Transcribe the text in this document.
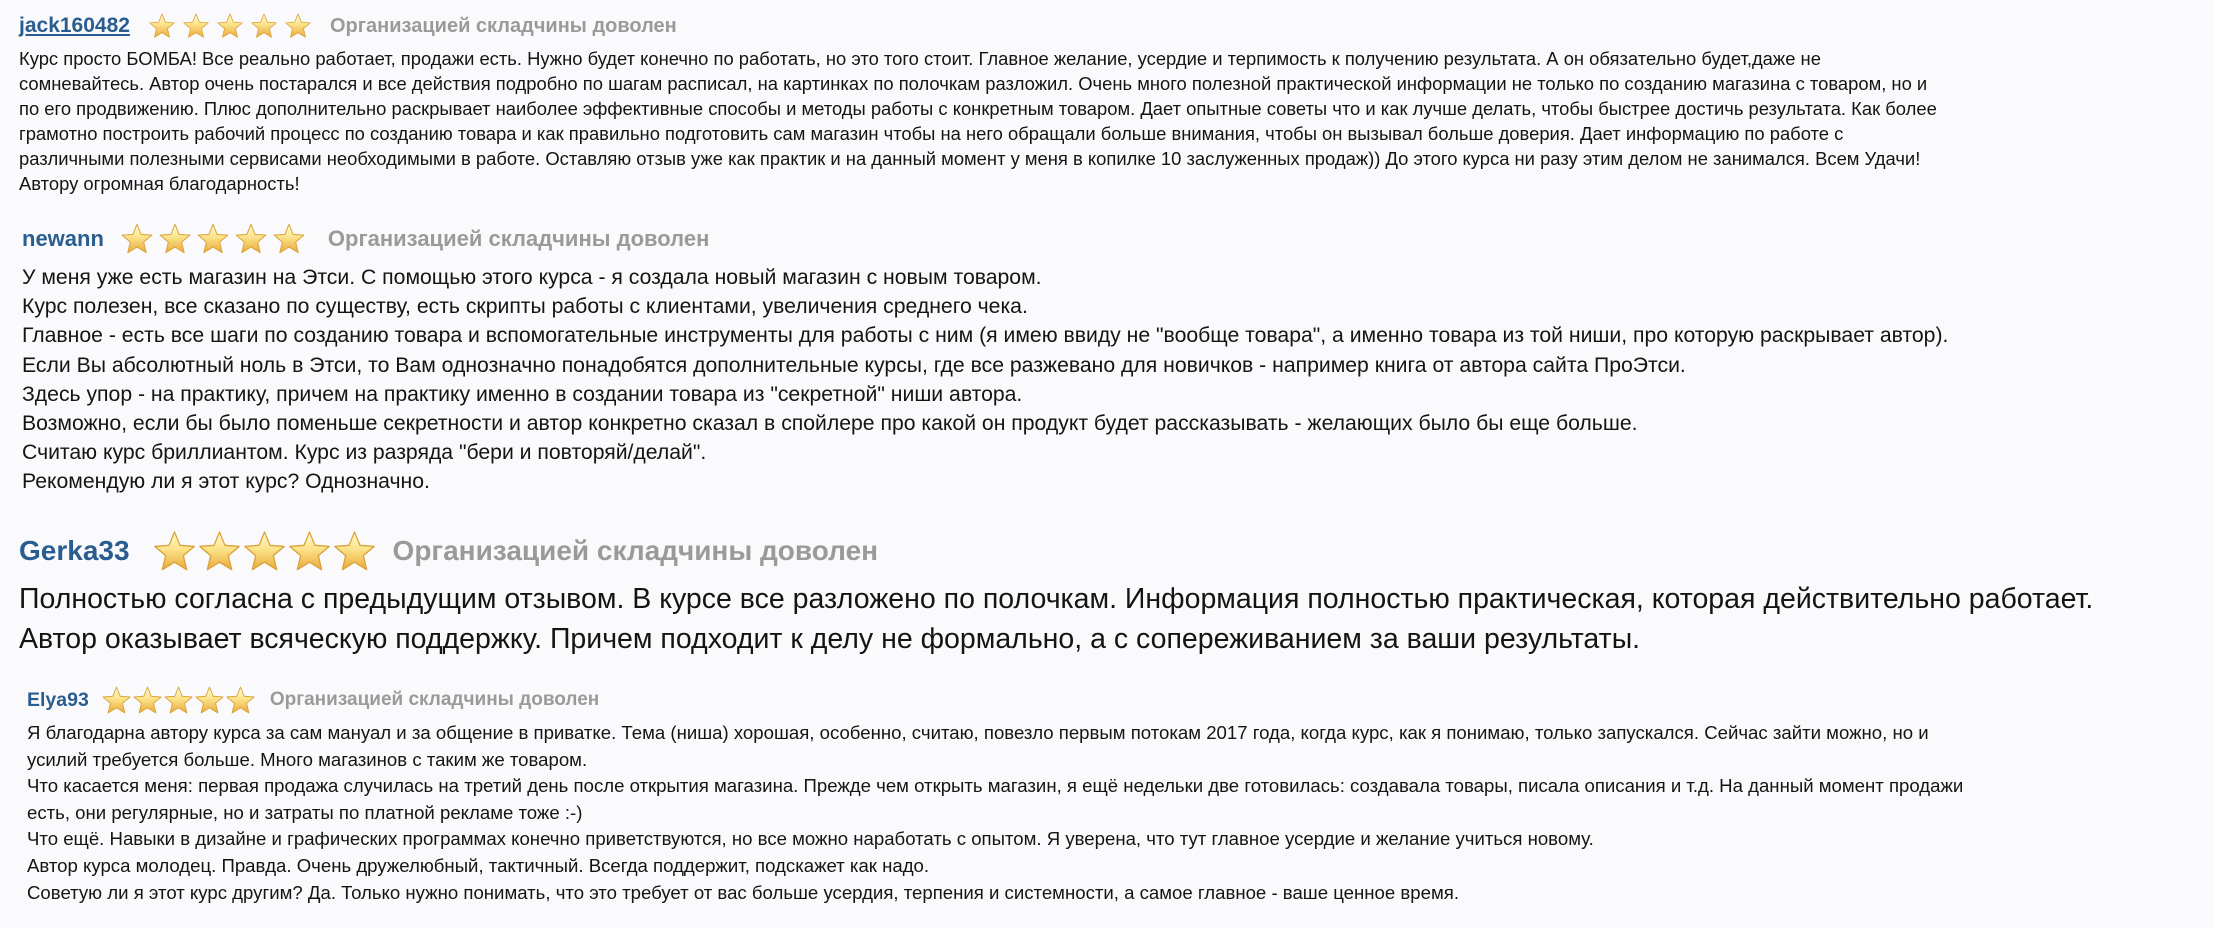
jack160482	Организацией складчины доволен

Курс просто БОМБА! Все реально работает, продажи есть. Нужно будет конечно по работать, но это того стоит. Главное желание, усердие и терпимость к получению результата. А он обязательно будет,даже не

сомневайтесь. Автор очень постарался и все действия подробно по шагам расписал, на картинках по полочкам разложил. Очень много полезной практической информации не только по созданию магазина с товаром, но и

по его продвижению. Плюс дополнительно раскрывает наиболее эффективные способы и методы работы с конкретным товаром. Дает опытные советы что и как лучше делать, чтобы быстрее достичь результата. Как более

грамотно построить рабочий процесс по созданию товара и как правильно подготовить сам магазин чтобы на него обращали больше внимания, чтобы он вызывал больше доверия. Дает информацию по работе с

различными полезными сервисами необходимыми в работе. Оставляю отзыв уже как практик и на данный момент у меня в копилке 10 заслуженных продаж)) До этого курса ни разу этим делом не занимался. Всем Удачи!

Автору огромная благодарность!

newann	Организацией складчины доволен

У меня уже есть магазин на Этси. С помощью этого курса - я создала новый магазин с новым товаром.

Курс полезен, все сказано по существу, есть скрипты работы с клиентами, увеличения среднего чека.

Главное - есть все шаги по созданию товара и вспомогательные инструменты для работы с ним (я имею ввиду не "вообще товара", а именно товара из той ниши, про которую раскрывает автор).

Если Вы абсолютный ноль в Этси, то Вам однозначно понадобятся дополнительные курсы, где все разжевано для новичков - например книга от автора сайта ПроЭтси.

Здесь упор - на практику, причем на практику именно в создании товара из "секретной" ниши автора.

Возможно, если бы было поменьше секретности и автор конкретно сказал в спойлере про какой он продукт будет рассказывать - желающих было бы еще больше.

Считаю курс бриллиантом. Курс из разряда "бери и повторяй/делай".

Рекомендую ли я этот курс? Однозначно.

Gerka33	Организацией складчины доволен

Полностью согласна с предыдущим отзывом. В курсе все разложено по полочкам. Информация полностью практическая, которая действительно работает.

Автор оказывает всяческую поддержку. Причем подходит к делу не формально, а с сопереживанием за ваши результаты.

Elya93	Организацией складчины доволен

Я благодарна автору курса за сам мануал и за общение в приватке. Тема (ниша) хорошая, особенно, считаю, повезло первым потокам 2017 года, когда курс, как я понимаю, только запускался. Сейчас зайти можно, но и

усилий требуется больше. Много магазинов с таким же товаром.

Что касается меня: первая продажа случилась на третий день после открытия магазина. Прежде чем открыть магазин, я ещё недельки две готовилась: создавала товары, писала описания и т.д. На данный момент продажи

есть, они регулярные, но и затраты по платной рекламе тоже :-)

Что ещё. Навыки в дизайне и графических программах конечно приветствуются, но все можно наработать с опытом. Я уверена, что тут главное усердие и желание учиться новому.

Автор курса молодец. Правда. Очень дружелюбный, тактичный. Всегда поддержит, подскажет как надо.

Советую ли я этот курс другим? Да. Только нужно понимать, что это требует от вас больше усердия, терпения и системности, а самое главное - ваше ценное время.
